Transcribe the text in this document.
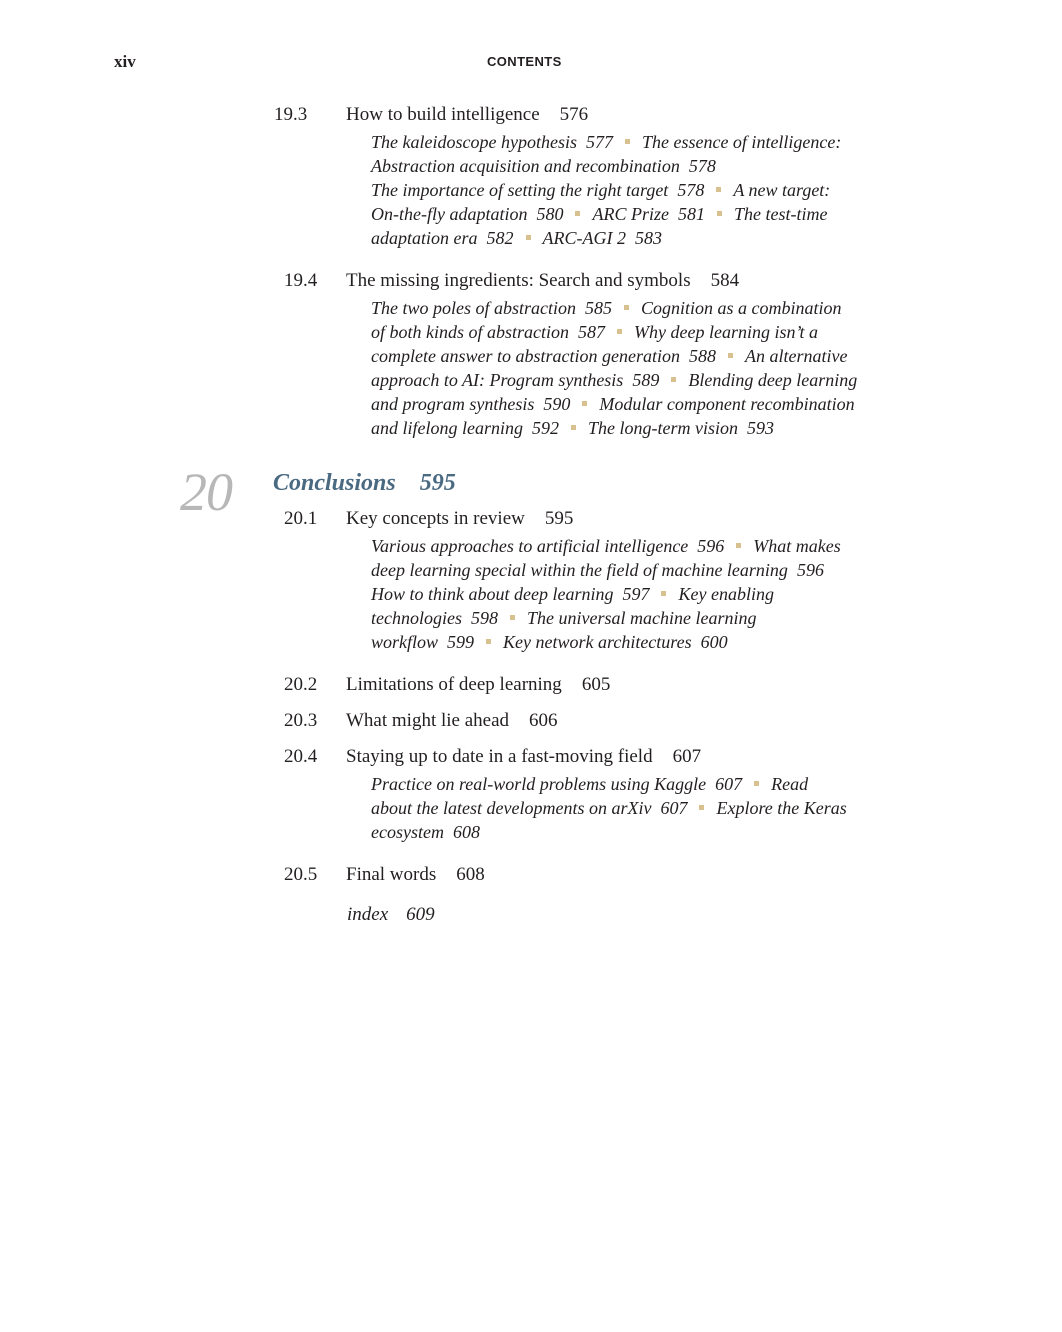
xiv	CONTENTS
19.3 How to build intelligence 576
19.4 The missing ingredients: Search and symbols 584
20 Conclusions 595
20.1 Key concepts in review 595
20.2 Limitations of deep learning 605
20.3 What might lie ahead 606
20.4 Staying up to date in a fast-moving field 607
20.5 Final words 608
index 609
The kaleidoscope hypothesis 577 The essence of intelligence:
Abstraction acquisition and recombination 578
The importance of setting the right target 578 A new target:
On-the-fly adaptation 580 ARC Prize 581 The test-time
adaptation era 582 ARC-AGI 2 583
The two poles of abstraction 585 Cognition as a combination
of both kinds of abstraction 587 Why deep learning isn’t a
complete answer to abstraction generation 588 An alternative
approach to AI: Program synthesis 589 Blending deep learning
and program synthesis 590 Modular component recombination
and lifelong learning 592 The long-term vision 593
Various approaches to artificial intelligence 596 What makes
deep learning special within the field of machine learning 596
How to think about deep learning 597 Key enabling
technologies 598 The universal machine learning
workflow 599 Key network architectures 600
Practice on real-world problems using Kaggle 607 Read
about the latest developments on arXiv 607 Explore the Keras
ecosystem 608
